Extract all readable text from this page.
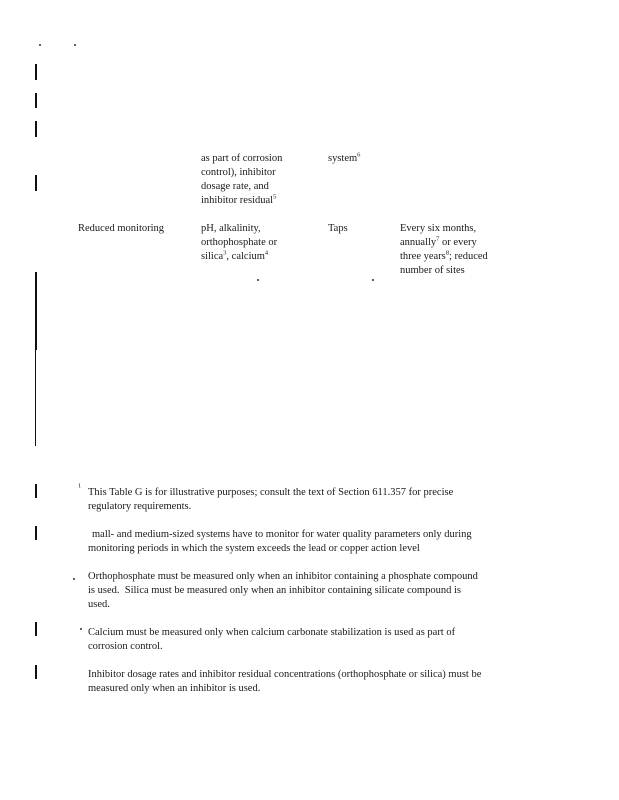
as part of corrosion
control), inhibitor
dosage rate, and
inhibitor residual$^5$
system$^6$
Reduced monitoring	pH, alkalinity,
orthophosphate or
silica$^3$, calcium$^4$
Taps	Every six months,
annually$^7$ or every
three years$^8$; reduced
number of sites
$^1$
This Table G is for illustrative purposes; consult the text of Section 611.357 for precise
regulatory requirements.
mall- and medium-sized systems have to monitor for water quality parameters only during
monitoring periods in which the system exceeds the lead or copper action level
Orthophosphate must be measured only when an inhibitor containing a phosphate compound
is used.  Silica must be measured only when an inhibitor containing silicate compound is
used.
Calcium must be measured only when calcium carbonate stabilization is used as part of
corrosion control.
Inhibitor dosage rates and inhibitor residual concentrations (orthophosphate or silica) must be
measured only when an inhibitor is used.
